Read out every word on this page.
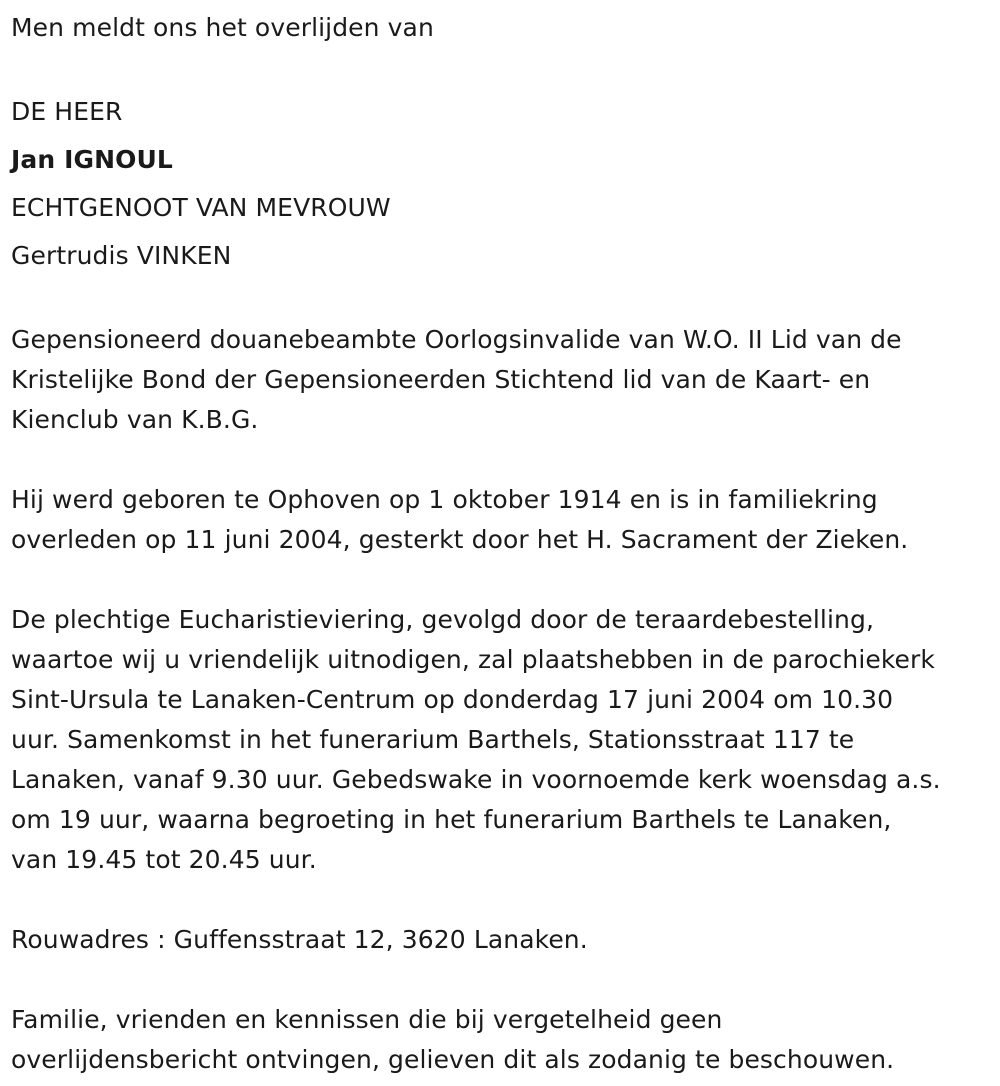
Men meldt ons het overlijden van

DE HEER

Jan IGNOUL

ECHTGENOOT VAN MEVROUW

Gertrudis VINKEN

Gepensioneerd douanebeambte Oorlogsinvalide van W.O. II Lid van de

Kristelijke Bond der Gepensioneerden Stichtend lid van de Kaart- en

Kienclub van K.B.G.

Hij werd geboren te Ophoven op 1 oktober 1914 en is in familiekring

overleden op 11 juni 2004, gesterkt door het H. Sacrament der Zieken.

De plechtige Eucharistieviering, gevolgd door de teraardebestelling,

waartoe wij u vriendelijk uitnodigen, zal plaatshebben in de parochiekerk

Sint-Ursula te Lanaken-Centrum op donderdag 17 juni 2004 om 10.30

uur. Samenkomst in het funerarium Barthels, Stationsstraat 117 te

Lanaken, vanaf 9.30 uur. Gebedswake in voornoemde kerk woensdag a.s.

om 19 uur, waarna begroeting in het funerarium Barthels te Lanaken,

van 19.45 tot 20.45 uur.

Rouwadres : Guffensstraat 12, 3620 Lanaken.

Familie, vrienden en kennissen die bij vergetelheid geen

overlijdensbericht ontvingen, gelieven dit als zodanig te beschouwen.
